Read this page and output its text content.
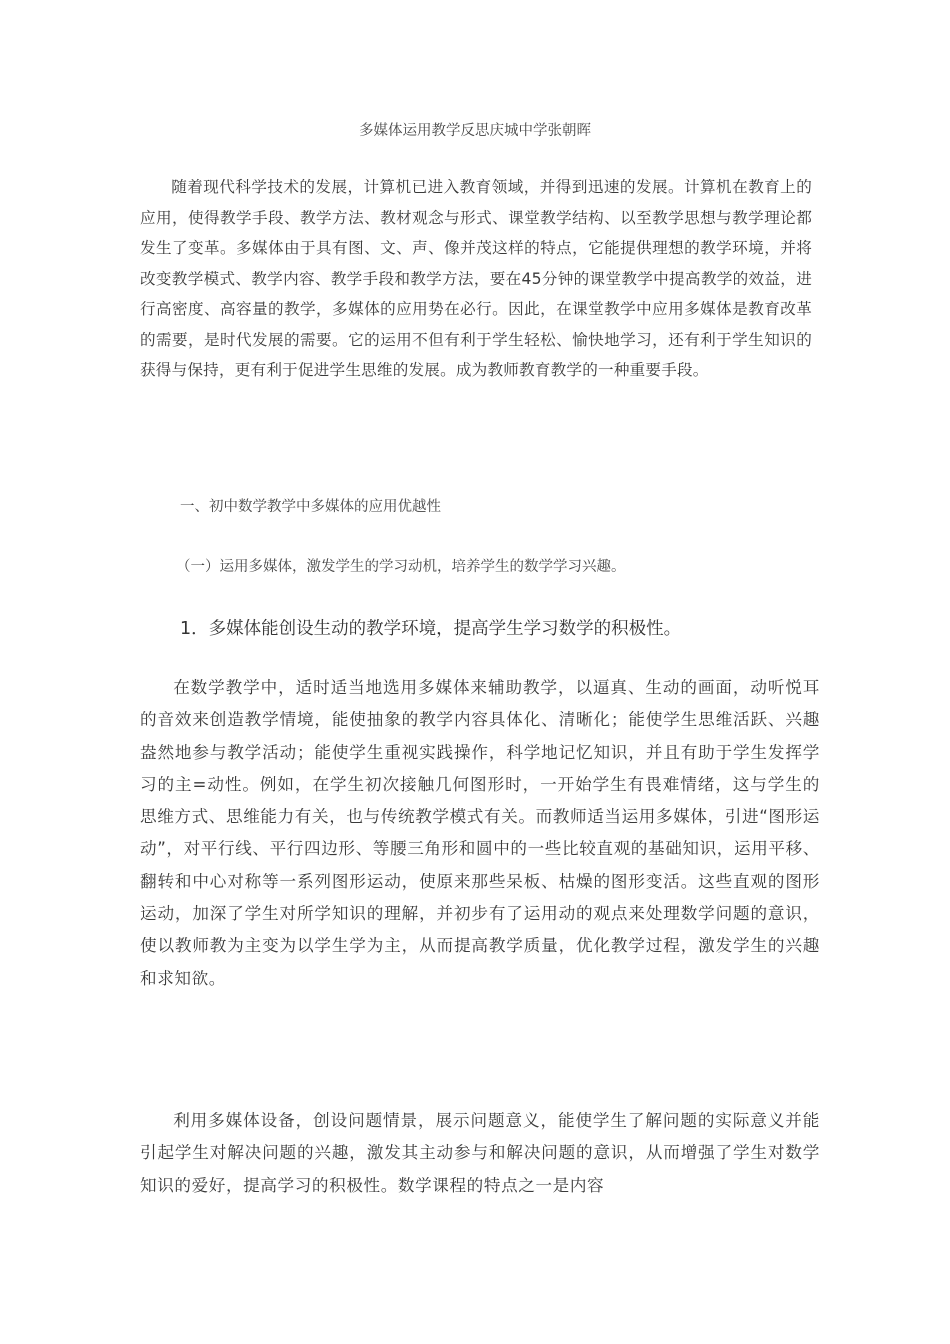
多媒体运用教学反思庆城中学张朝晖
随着现代科学技术的发展，计算机已进入教育领域，并得到迅速的发展。计算机在教育上的应用，使得教学手段、教学方法、教材观念与形式、课堂教学结构、以至教学思想与教学理论都发生了变革。多媒体由于具有图、文、声、像并茂这样的特点，它能提供理想的教学环境，并将改变教学模式、教学内容、教学手段和教学方法，要在45分钟的课堂教学中提高教学的效益，进行高密度、高容量的教学，多媒体的应用势在必行。因此，在课堂教学中应用多媒体是教育改革的需要，是时代发展的需要。它的运用不但有利于学生轻松、愉快地学习，还有利于学生知识的获得与保持，更有利于促进学生思维的发展。成为教师教育教学的一种重要手段。
一、初中数学教学中多媒体的应用优越性
（一）运用多媒体，激发学生的学习动机，培养学生的数学学习兴趣。
1．多媒体能创设生动的教学环境，提高学生学习数学的积极性。
在数学教学中，适时适当地选用多媒体来辅助教学，以逼真、生动的画面，动听悦耳的音效来创造教学情境，能使抽象的教学内容具体化、清晰化；能使学生思维活跃、兴趣盎然地参与教学活动；能使学生重视实践操作，科学地记忆知识，并且有助于学生发挥学习的主=动性。例如，在学生初次接触几何图形时，一开始学生有畏难情绪，这与学生的思维方式、思维能力有关，也与传统教学模式有关。而教师适当运用多媒体，引进“图形运动”，对平行线、平行四边形、等腰三角形和圆中的一些比较直观的基础知识，运用平移、翻转和中心对称等一系列图形运动，使原来那些呆板、枯燥的图形变活。这些直观的图形运动，加深了学生对所学知识的理解，并初步有了运用动的观点来处理数学问题的意识，使以教师教为主变为以学生学为主，从而提高教学质量，优化教学过程，激发学生的兴趣和求知欲。
利用多媒体设备，创设问题情景，展示问题意义，能使学生了解问题的实际意义并能引起学生对解决问题的兴趣，激发其主动参与和解决问题的意识，从而增强了学生对数学知识的爱好，提高学习的积极性。数学课程的特点之一是内容
